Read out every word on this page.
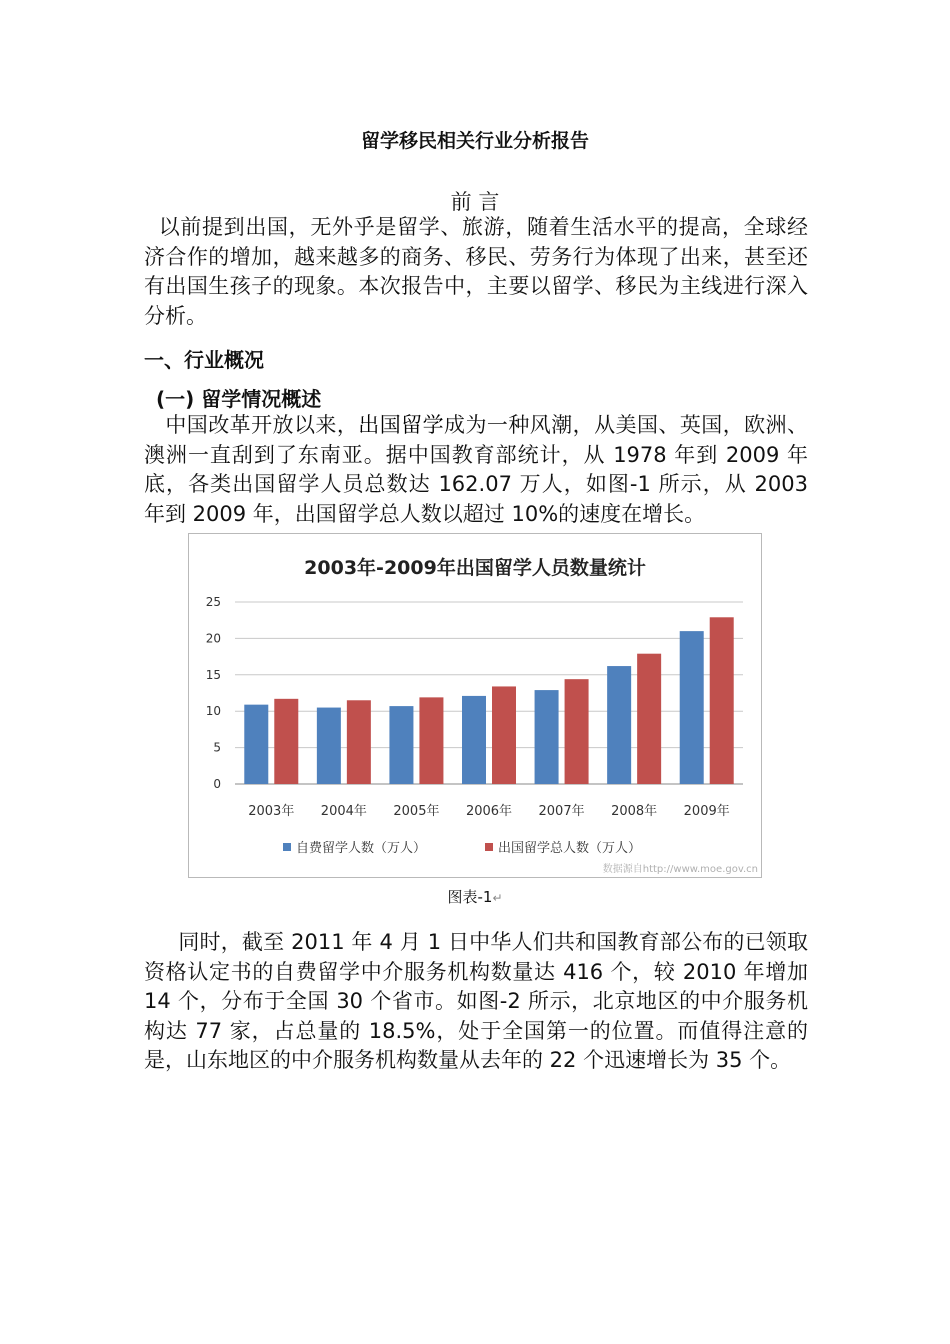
留学移民相关行业分析报告
前 言

以前提到出国，无外乎是留学、旅游，随着生活水平的提高，全球经济合作的增加，越来越多的商务、移民、劳务行为体现了出来，甚至还有出国生孩子的现象。本次报告中，主要以留学、移民为主线进行深入分析。

一、行业概况
(一) 留学情况概述

中国改革开放以来，出国留学成为一种风潮，从美国、英国，欧洲、澳洲一直刮到了东南亚。据中国教育部统计，从 1978 年到 2009 年底，各类出国留学人员总数达 162.07 万人，如图-1 所示，从 2003 年到 2009 年，出国留学总人数以超过 10%的速度在增长。

2003年-2009年出国留学人员数量统计
0
5
10
15
20
25
2003年 2004年 2005年 2006年 2007年 2008年 2009年
自费留学人数（万人）	出国留学总人数（万人）
数据源自http://www.moe.gov.cn
图表-1↵

同时，截至 2011 年 4 月 1 日中华人们共和国教育部公布的已领取资格认定书的自费留学中介服务机构数量达 416 个，较 2010 年增加 14 个，分布于全国 30 个省市。如图-2 所示，北京地区的中介服务机构达 77 家，占总量的 18.5%，处于全国第一的位置。而值得注意的是，山东地区的中介服务机构数量从去年的 22 个迅速增长为 35 个。
